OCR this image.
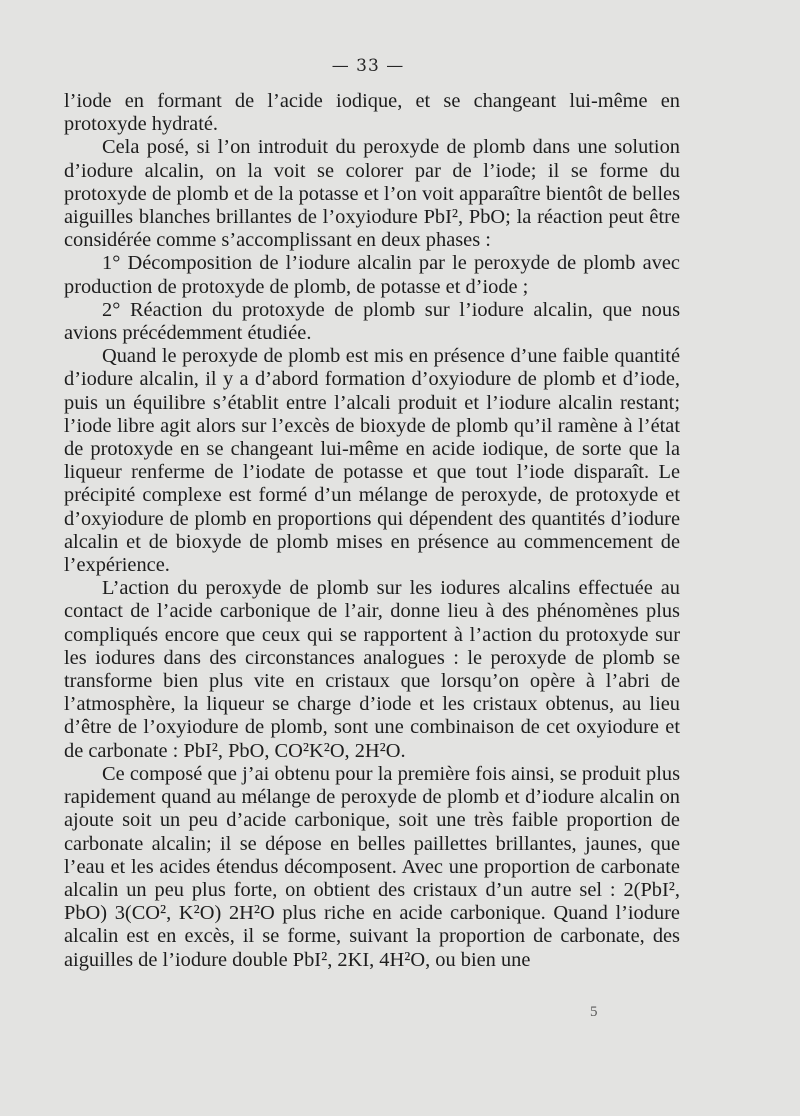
— 33 —

l’iode en formant de l’acide iodique, et se changeant lui-même en protoxyde hydraté.

Cela posé, si l’on introduit du peroxyde de plomb dans une solution d’iodure alcalin, on la voit se colorer par de l’iode; il se forme du protoxyde de plomb et de la potasse et l’on voit apparaître bientôt de belles aiguilles blanches brillantes de l’oxyiodure PbI², PbO; la réaction peut être considérée comme s’accomplissant en deux phases :

1° Décomposition de l’iodure alcalin par le peroxyde de plomb avec production de protoxyde de plomb, de potasse et d’iode ;

2° Réaction du protoxyde de plomb sur l’iodure alcalin, que nous avions précédemment étudiée.

Quand le peroxyde de plomb est mis en présence d’une faible quantité d’iodure alcalin, il y a d’abord formation d’oxyiodure de plomb et d’iode, puis un équilibre s’établit entre l’alcali produit et l’iodure alcalin restant; l’iode libre agit alors sur l’excès de bioxyde de plomb qu’il ramène à l’état de protoxyde en se changeant lui-même en acide iodique, de sorte que la liqueur renferme de l’iodate de potasse et que tout l’iode disparaît. Le précipité complexe est formé d’un mélange de peroxyde, de protoxyde et d’oxyiodure de plomb en proportions qui dépendent des quantités d’iodure alcalin et de bioxyde de plomb mises en présence au commencement de l’expérience.

L’action du peroxyde de plomb sur les iodures alcalins effectuée au contact de l’acide carbonique de l’air, donne lieu à des phénomènes plus compliqués encore que ceux qui se rapportent à l’action du protoxyde sur les iodures dans des circonstances analogues : le peroxyde de plomb se transforme bien plus vite en cristaux que lorsqu’on opère à l’abri de l’atmosphère, la liqueur se charge d’iode et les cristaux obtenus, au lieu d’être de l’oxyiodure de plomb, sont une combinaison de cet oxyiodure et de carbonate : PbI², PbO, CO²K²O, 2H²O.

Ce composé que j’ai obtenu pour la première fois ainsi, se produit plus rapidement quand au mélange de peroxyde de plomb et d’iodure alcalin on ajoute soit un peu d’acide carbonique, soit une très faible proportion de carbonate alcalin; il se dépose en belles paillettes brillantes, jaunes, que l’eau et les acides étendus décomposent. Avec une proportion de carbonate alcalin un peu plus forte, on obtient des cristaux d’un autre sel : 2(PbI², PbO) 3(CO², K²O) 2H²O plus riche en acide carbonique. Quand l’iodure alcalin est en excès, il se forme, suivant la proportion de carbonate, des aiguilles de l’iodure double PbI², 2KI, 4H²O, ou bien une

5
